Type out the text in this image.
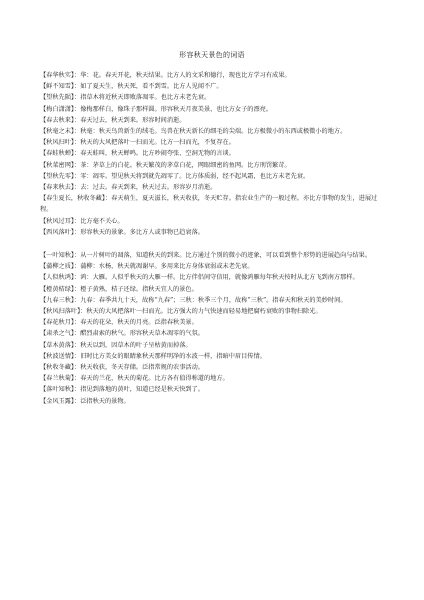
形容秋天景色的词语

【春华秋实】：华：花。春天开花，秋天结果。比方人的文采和德行，现也比方学习有成果。

【鲜不知雪】：如了夏天生，秋天死，看不到雪。比方人见闻不广。

【望秋先陨】：指草木将近秋天即败落凋零。也比方未老先衰。

【梅白潇潇】：像梅那样白，像珠子那样圆。形容秋天月夜美景，也比方女子的漂亮。

【春去秋来】：春天过去，秋天到来。形容时间消逝。

【秋毫之末】：秋毫：秋天鸟兽新生的绒毛。鸟兽在秋天新长的细毛的尖端。比方极微小的东西或极微小的地方。

【秋风扫叶】：秋天的大风把落叶一扫而光。比方一扫而光，不复存在。

【春蛙秋蝉】：春天蛙叫，秋天蝉鸣。比方吵闹夸张、空洞无物的言谈。

【秋菜密网】：茶：茅草上的白花。秋天繁茂的茅草白花，网眼细密的鱼网。比方刑罚繁苛。

【望秋先零】：零：凋零。望见秋天将到就先凋零了。比方体质弱，经不起风霜，也比方未老先衰。

【春来秋去】：去：过去。春天到来，秋天过去。形容岁月消逝。

【春生夏长，秋收冬藏】：春天萌生，夏天滋长，秋天收获，冬天贮存。指农业生产的一般过程。亦比方事物的发生，进展过程。

【秋风过耳】：比方毫不关心。

【西风落叶】：形容秋天的景象。多比方人或事物已趋衰落。

【一叶知秋】：从一片树叶的凋落，知道秋天的到来。比方通过个别的微小的迹象，可以看到整个形势的进展趋向与结果。

【蒲柳之质】：蒲柳：水杨，秋天就凋谢早。多用来比方身体衰弱或未老先衰。

【人似秋鸿】：鸿：大雁。人似乎秋天的大雁一样。比方伴侣间守信用，就像鸿雁每年秋天按时从北方飞到南方那样。

【橙黄桔绿】：橙子黄熟，桔子还绿。指秋天宜人的景色。

【九春三秋】：九春：春季共九十天，故称“九春”；三秋：秋季三个月，故称“三秋”。指春天和秋天的美妙时间。

【秋风扫落叶】：秋天的大风把落叶一扫而光。比方强大的力气快速而轻易地把腐朽衰败的事物扫除光。

【春花秋月】：春天的花朵，秋天的月亮。泛指春秋美景。

【肃杀之气】：醋烈肃索的秋气。形容秋天草木凋零的气氛。

【草木黄落】：秋天以到，因草木的叶子呈枯黄而掉落。

【秋波送情】：旧时比方美女的眼睛象秋天那样明净的水波一样，指暗中眉目传情。

【秋收冬藏】：秋天收获，冬天存储。泛指常规的农事活动。

【春兰秋菊】：春天的兰花，秋天的菊花。比方各有值得称道的地方。

【落叶知秋】：指见到落地的黄叶，知道已经是秋天快到了。

【金风玉露】：泛指秋天的景物。
